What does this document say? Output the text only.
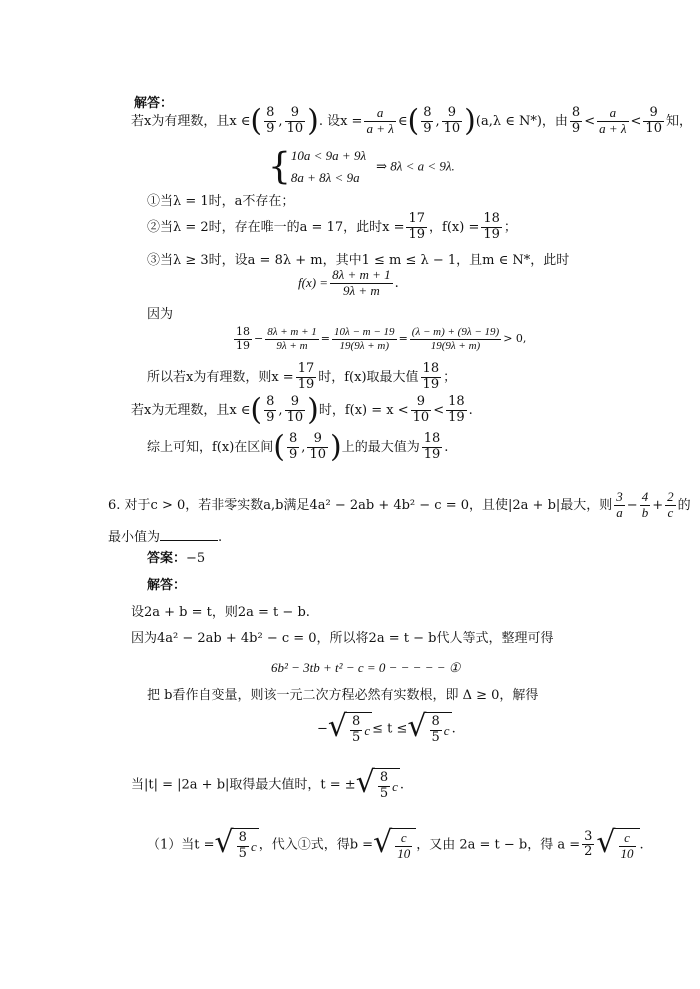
解答：
若x为有理数，且x ∈( $\frac{8}{9}$ , $\frac{9}{10}$ ). 设$x = \frac{a}{a + \lambda}$ ∈( $\frac{8}{9}$ , $\frac{9}{10} )(a,\lambda$ ∈ N*)，由 $\frac{8}{9} < \frac{a}{a + \lambda} < \frac{9}{10}$ 知，
{ 10a < 9a + 9λ
8a + 8λ < 9a
⇒ 8λ < a < 9λ.
①当λ = 1时，a不存在；
②当λ = 2时，存在唯一的a = 17，此时$x = \frac{17}{19}$ ，$f(x) = \frac{18}{19}$ ；
③当λ ≥ 3时，设a = 8λ + m，其中1 ≤ m ≤ λ − 1，且m ∈ N*，此时
$f(x) = \frac{8\lambda + m + 1}{9\lambda + m}$ .
因为
$\frac{18}{19} - \frac{8\lambda + m + 1}{9\lambda + m} = \frac{10\lambda - m - 19}{19(9\lambda + m)} = \frac{(\lambda - m) + (9\lambda - 19)}{19(9\lambda + m)} > 0$,
所以若x为有理数，则$x = \frac{17}{19}$ 时，f(x)取最大值 $\frac{18}{19}$ ；
若x为无理数，且x ∈( $\frac{8}{9}$ , $\frac{9}{10}$ )时，$f(x) = x < \frac{9}{10} < \frac{18}{19}$ .
综上可知，f(x)在区间( $\frac{8}{9}$ , $\frac{9}{10}$ )上的最大值为 $\frac{18}{19}$ .
6. 对于c > 0，若非零实数a,b满足4a² − 2ab + 4b² − c = 0，且使|2a + b|最大，则 $\frac{3}{a} - \frac{4}{b} + \frac{2}{c}$ 的
最小值为	.
答案：−5
解答：
设2a + b = t，则2a = t − b.
因为4a² − 2ab + 4b² − c = 0，所以将2a = t − b代人等式，整理可得
6b² − 3tb + t² − c = 0 − − − − − ①
把 b看作自变量，则该一元二次方程必然有实数根，即 Δ ≥ 0，解得
− √ $\frac{8}{5}$ c ≤ t ≤ √ $\frac{8}{5}$ c .
当|t| = |2a + b|取得最大值时，t = ± √ $\frac{8}{5}$ c .
（1）当t = √ $\frac{8}{5}$ c ，代入①式，得b = √ $\frac{c}{10}$ ，又由 2a = t − b，得 $a = \frac{3}{2}$ √ $\frac{c}{10}$ .
